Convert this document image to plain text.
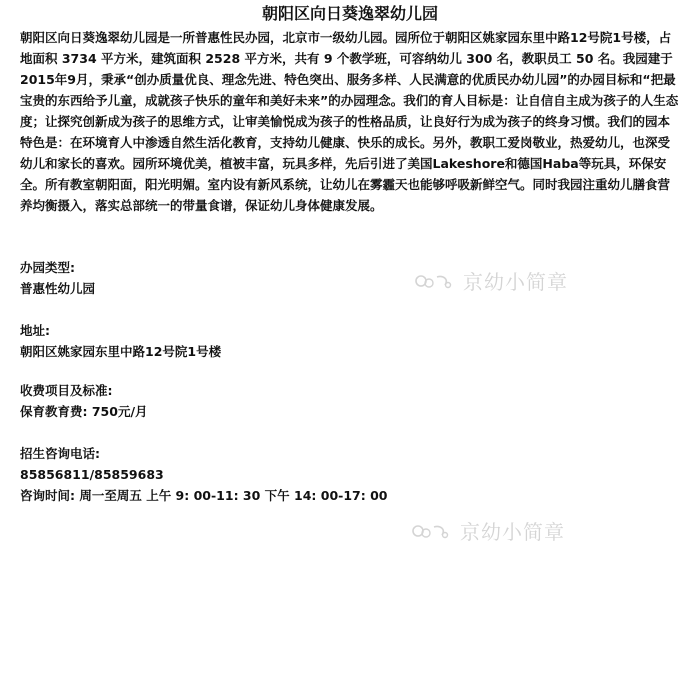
朝阳区向日葵逸翠幼儿园

朝阳区向日葵逸翠幼儿园是一所普惠性民办园，北京市一级幼儿园。园所位于朝阳区姚家园东里中路12号院1号楼，占地面积 3734 平方米，建筑面积 2528 平方米，共有 9 个教学班，可容纳幼儿 300 名，教职员工 50 名。我园建于2015年9月，秉承“创办质量优良、理念先进、特色突出、服务多样、人民满意的优质民办幼儿园”的办园目标和“把最宝贵的东西给予儿童，成就孩子快乐的童年和美好未来”的办园理念。我们的育人目标是：让自信自主成为孩子的人生态度；让探究创新成为孩子的思维方式，让审美愉悦成为孩子的性格品质，让良好行为成为孩子的终身习惯。我们的园本特色是：在环境育人中渗透自然生活化教育，支持幼儿健康、快乐的成长。另外，教职工爱岗敬业，热爱幼儿，也深受幼儿和家长的喜欢。园所环境优美，植被丰富，玩具多样，先后引进了美国Lakeshore和德国Haba等玩具，环保安全。所有教室朝阳面，阳光明媚。室内设有新风系统，让幼儿在雾霾天也能够呼吸新鲜空气。同时我园注重幼儿膳食营养均衡摄入，落实总部统一的带量食谱，保证幼儿身体健康发展。

办园类型:
普惠性幼儿园
地址:
朝阳区姚家园东里中路12号院1号楼
收费项目及标准:
保育教育费: 750元/月
招生咨询电话:
85856811/85859683
咨询时间: 周一至周五 上午 9: 00-11: 30 下午 14: 00-17: 00
京幼小简章
京幼小简章
